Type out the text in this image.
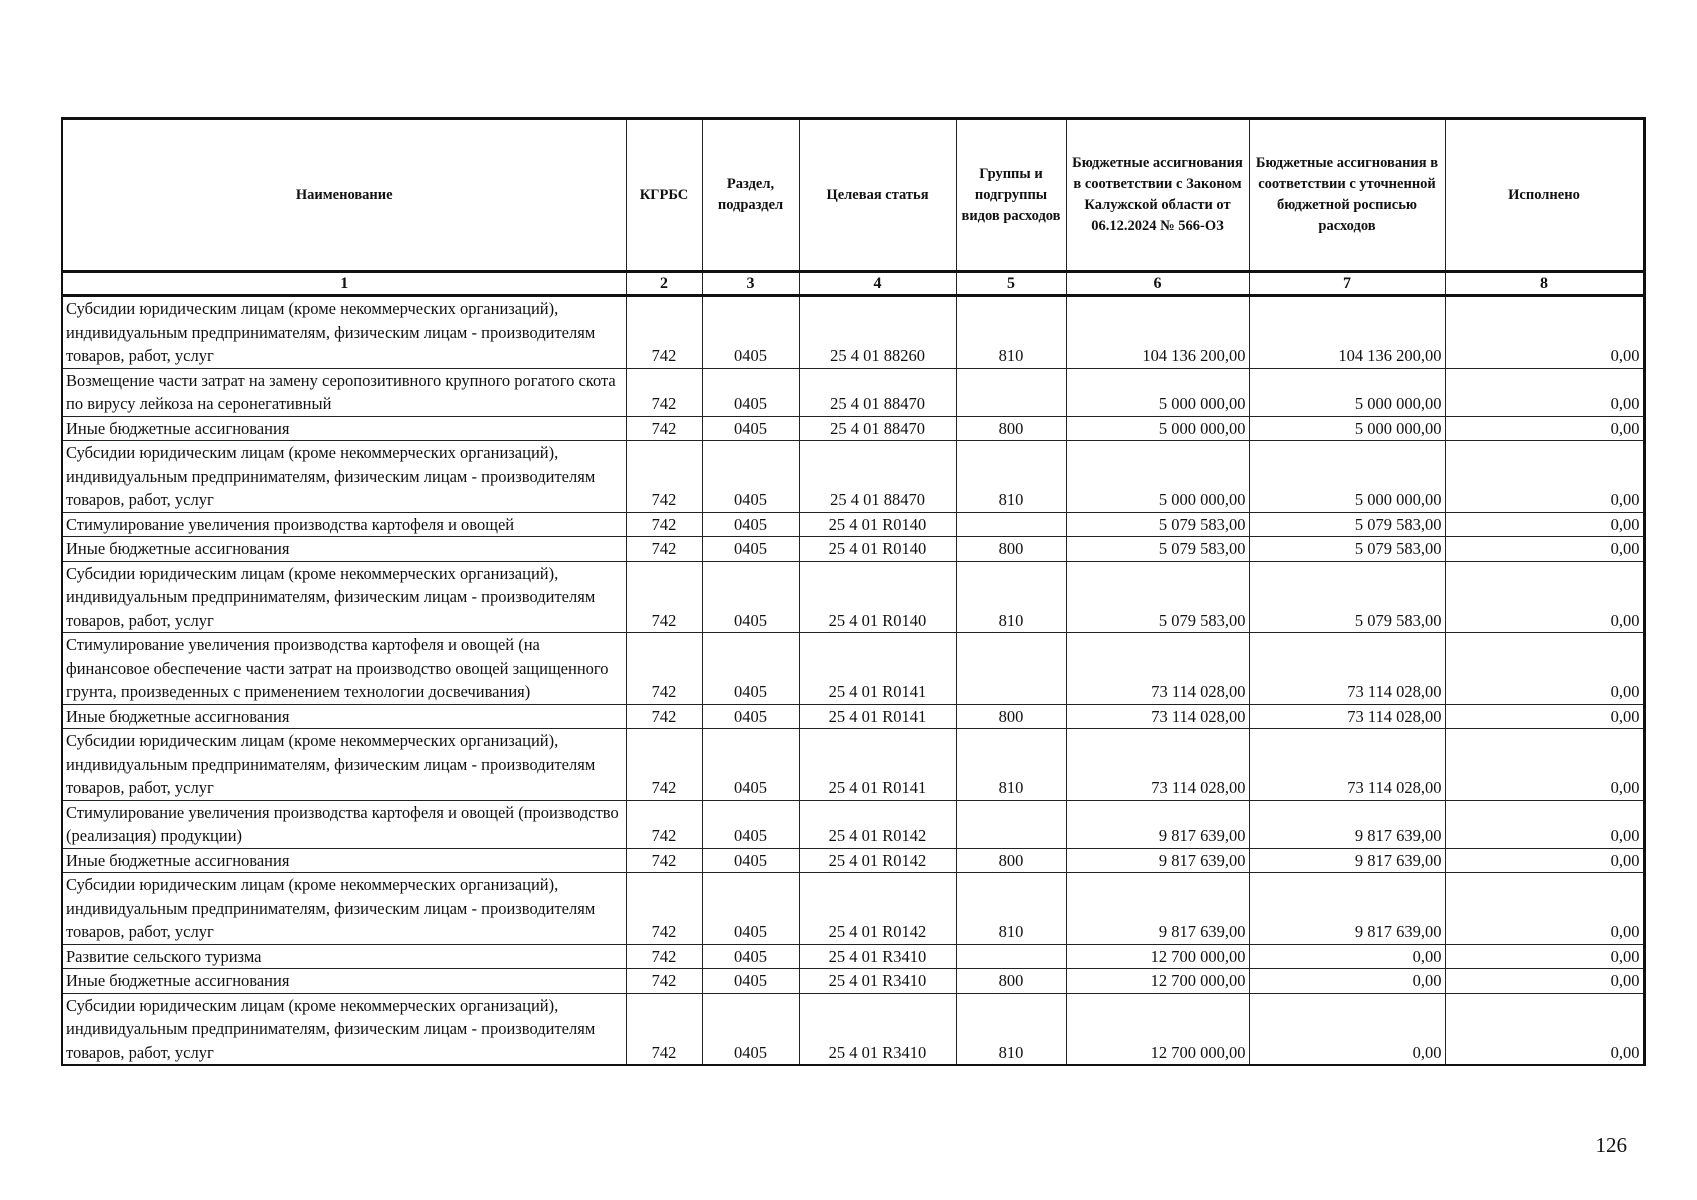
Наименование	КГРБС	Раздел, подраздел	Целевая статья	Группы и подгруппы видов расходов	Бюджетные ассигнования в соответствии с Законом Калужской области от 06.12.2024 № 566-ОЗ	Бюджетные ассигнования в соответствии с уточненной бюджетной росписью расходов	Исполнено
1	2	3	4	5	6	7	8
Субсидии юридическим лицам (кроме некоммерческих организаций), индивидуальным предпринимателям, физическим лицам - производителям товаров, работ, услуг	742	0405	25 4 01 88260	810	104 136 200,00	104 136 200,00	0,00
Возмещение части затрат на замену серопозитивного крупного рогатого скота по вирусу лейкоза на серонегативный	742	0405	25 4 01 88470		5 000 000,00	5 000 000,00	0,00
Иные бюджетные ассигнования	742	0405	25 4 01 88470	800	5 000 000,00	5 000 000,00	0,00
Субсидии юридическим лицам (кроме некоммерческих организаций), индивидуальным предпринимателям, физическим лицам - производителям товаров, работ, услуг	742	0405	25 4 01 88470	810	5 000 000,00	5 000 000,00	0,00
Стимулирование увеличения производства картофеля и овощей	742	0405	25 4 01 R0140		5 079 583,00	5 079 583,00	0,00
Иные бюджетные ассигнования	742	0405	25 4 01 R0140	800	5 079 583,00	5 079 583,00	0,00
Субсидии юридическим лицам (кроме некоммерческих организаций), индивидуальным предпринимателям, физическим лицам - производителям товаров, работ, услуг	742	0405	25 4 01 R0140	810	5 079 583,00	5 079 583,00	0,00
Стимулирование увеличения производства картофеля и овощей (на финансовое обеспечение части затрат на производство овощей защищенного грунта, произведенных с применением технологии досвечивания)	742	0405	25 4 01 R0141		73 114 028,00	73 114 028,00	0,00
Иные бюджетные ассигнования	742	0405	25 4 01 R0141	800	73 114 028,00	73 114 028,00	0,00
Субсидии юридическим лицам (кроме некоммерческих организаций), индивидуальным предпринимателям, физическим лицам - производителям товаров, работ, услуг	742	0405	25 4 01 R0141	810	73 114 028,00	73 114 028,00	0,00
Стимулирование увеличения производства картофеля и овощей (производство (реализация) продукции)	742	0405	25 4 01 R0142		9 817 639,00	9 817 639,00	0,00
Иные бюджетные ассигнования	742	0405	25 4 01 R0142	800	9 817 639,00	9 817 639,00	0,00
Субсидии юридическим лицам (кроме некоммерческих организаций), индивидуальным предпринимателям, физическим лицам - производителям товаров, работ, услуг	742	0405	25 4 01 R0142	810	9 817 639,00	9 817 639,00	0,00
Развитие сельского туризма	742	0405	25 4 01 R3410		12 700 000,00	0,00	0,00
Иные бюджетные ассигнования	742	0405	25 4 01 R3410	800	12 700 000,00	0,00	0,00
Субсидии юридическим лицам (кроме некоммерческих организаций), индивидуальным предпринимателям, физическим лицам - производителям товаров, работ, услуг	742	0405	25 4 01 R3410	810	12 700 000,00	0,00	0,00
126
